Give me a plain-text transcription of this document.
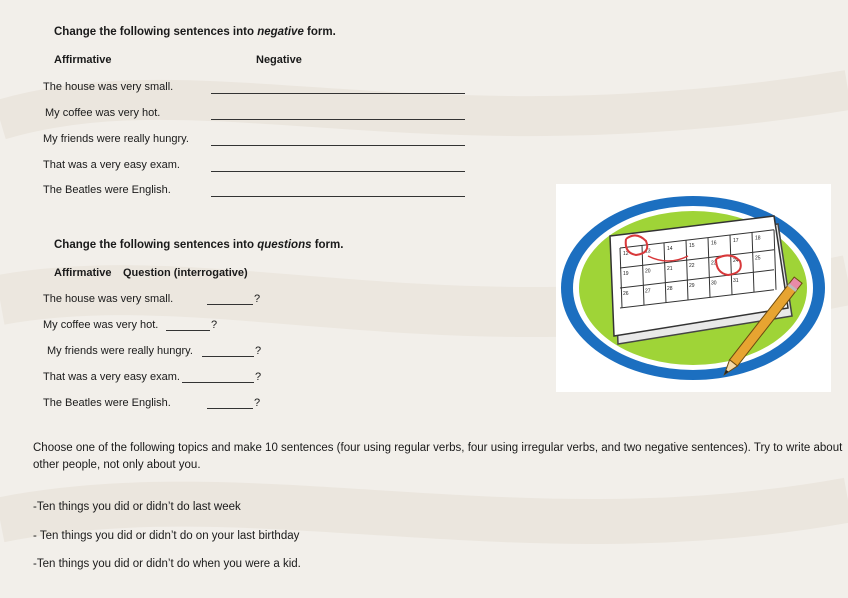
Change the following sentences into negative form.
Affirmative	Negative
The house was very small.
My coffee was very hot.
My friends were really hungry.
That was a very easy exam.
The Beatles were English.
Change the following sentences into questions form.
Affirmative Question (interrogative)
The house was very small.	?
My coffee was very hot.	?
My friends were really hungry.	?
That was a very easy exam.	?
The Beatles were English.	?
Choose one of the following topics and make 10 sentences (four using regular verbs, four using irregular verbs, and two negative sentences). Try to write about other people, not only about you.
-Ten things you did or didn’t do last week
- Ten things you did or didn’t do on your last birthday
-Ten things you did or didn’t do when you were a kid.
12	13	14	15	16	17	18
19	20	21	22	23	24	25
26	27	28	29	30	31
